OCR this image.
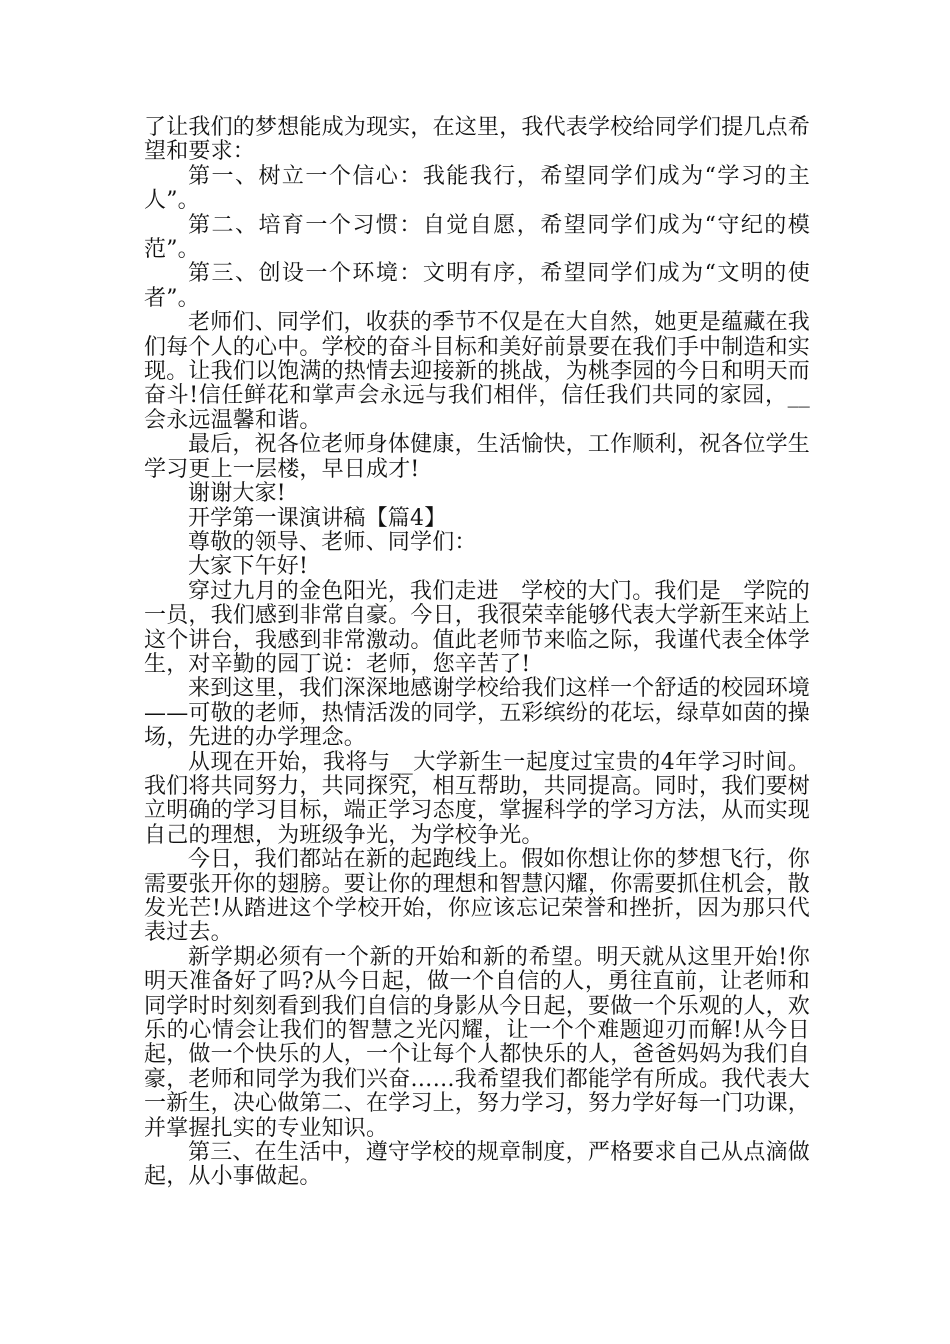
了让我们的梦想能成为现实，在这里，我代表学校给同学们提几点希望和要求：

第一、树立一个信心：我能我行，希望同学们成为“学习的主人”。

第二、培育一个习惯：自觉自愿，希望同学们成为“守纪的模范”。

第三、创设一个环境：文明有序，希望同学们成为“文明的使者”。

老师们、同学们，收获的季节不仅是在大自然，她更是蕴藏在我们每个人的心中。学校的奋斗目标和美好前景要在我们手中制造和实现。让我们以饱满的热情去迎接新的挑战，为桃李园的今日和明天而奋斗!信任鲜花和掌声会永远与我们相伴，信任我们共同的家园，__会永远温馨和谐。

最后，祝各位老师身体健康，生活愉快，工作顺利，祝各位学生学习更上一层楼，早日成才!

谢谢大家!

开学第一课演讲稿【篇4】

尊敬的领导、老师、同学们：

大家下午好!

穿过九月的金色阳光，我们走进__学校的大门。我们是__学院的一员，我们感到非常自豪。今日，我很荣幸能够代表大学新生来站上这个讲台，我感到非常激动。值此老师节来临之际，我谨代表全体学生，对辛勤的园丁说：老师，您辛苦了!

来到这里，我们深深地感谢学校给我们这样一个舒适的校园环境——可敬的老师，热情活泼的同学，五彩缤纷的花坛，绿草如茵的操场，先进的办学理念。

从现在开始，我将与__大学新生一起度过宝贵的4年学习时间。我们将共同努力，共同探究，相互帮助，共同提高。同时，我们要树立明确的学习目标，端正学习态度，掌握科学的学习方法，从而实现自己的理想，为班级争光，为学校争光。

今日，我们都站在新的起跑线上。假如你想让你的梦想飞行，你需要张开你的翅膀。要让你的理想和智慧闪耀，你需要抓住机会，散发光芒!从踏进这个学校开始，你应该忘记荣誉和挫折，因为那只代表过去。

新学期必须有一个新的开始和新的希望。明天就从这里开始!你明天准备好了吗?从今日起，做一个自信的人，勇往直前，让老师和同学时时刻刻看到我们自信的身影从今日起，要做一个乐观的人，欢乐的心情会让我们的智慧之光闪耀，让一个个难题迎刃而解!从今日起，做一个快乐的人，一个让每个人都快乐的人，爸爸妈妈为我们自豪，老师和同学为我们兴奋……我希望我们都能学有所成。我代表大一新生，决心做第二、在学习上，努力学习，努力学好每一门功课，并掌握扎实的专业知识。

第三、在生活中，遵守学校的规章制度，严格要求自己从点滴做起，从小事做起。
